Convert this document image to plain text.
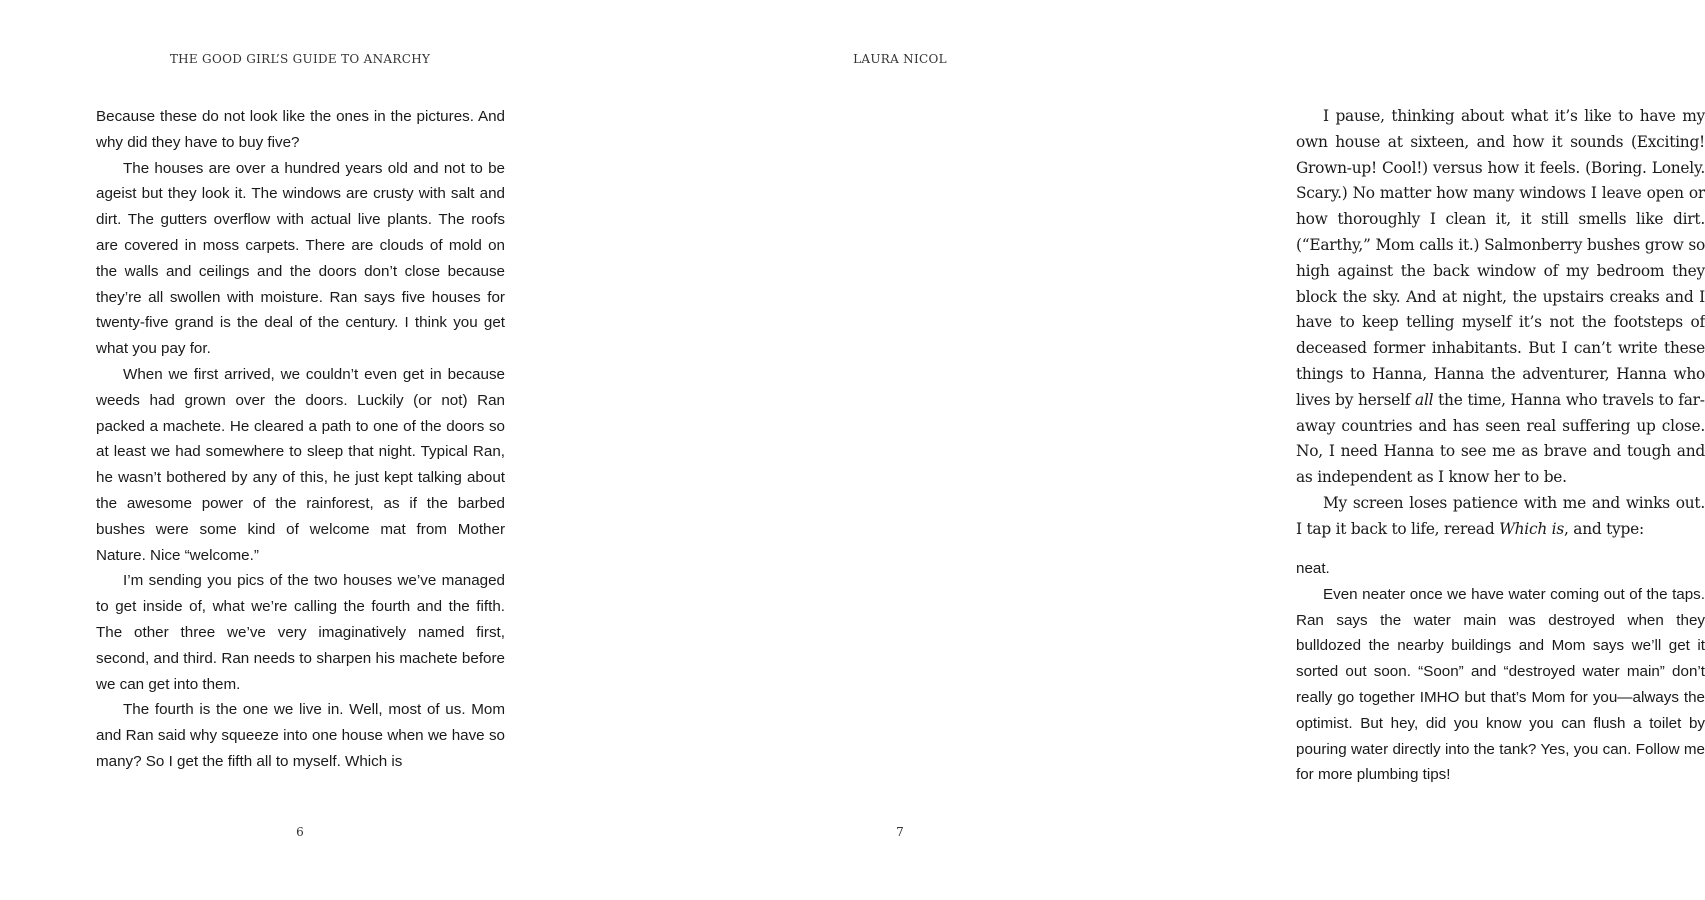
THE GOOD GIRL’S GUIDE TO ANARCHY

Because these do not look like the ones in the pictures. And why did they have to buy five?

The houses are over a hundred years old and not to be ageist but they look it. The windows are crusty with salt and dirt. The gutters overflow with actual live plants. The roofs are covered in moss carpets. There are clouds of mold on the walls and ceilings and the doors don’t close because they’re all swollen with moisture. Ran says five houses for twenty-five grand is the deal of the century. I think you get what you pay for.

When we first arrived, we couldn’t even get in because weeds had grown over the doors. Luckily (or not) Ran packed a machete. He cleared a path to one of the doors so at least we had somewhere to sleep that night. Typical Ran, he wasn’t bothered by any of this, he just kept talking about the awesome power of the rainforest, as if the barbed bushes were some kind of welcome mat from Mother Nature. Nice “welcome.”

I’m sending you pics of the two houses we’ve managed to get inside of, what we’re calling the fourth and the fifth. The other three we’ve very imaginatively named first, second, and third. Ran needs to sharpen his machete before we can get into them.

The fourth is the one we live in. Well, most of us. Mom and Ran said why squeeze into one house when we have so many? So I get the fifth all to myself. Which is

6
LAURA NICOL

I pause, thinking about what it’s like to have my own house at sixteen, and how it sounds (Exciting! Grown-up! Cool!) versus how it feels. (Boring. Lonely. Scary.) No matter how many windows I leave open or how thoroughly I clean it, it still smells like dirt. (“Earthy,” Mom calls it.) Salmonberry bushes grow so high against the back window of my bedroom they block the sky. And at night, the upstairs creaks and I have to keep telling myself it’s not the footsteps of deceased former inhabitants. But I can’t write these things to Hanna, Hanna the adventurer, Hanna who lives by herself all the time, Hanna who travels to faraway countries and has seen real suffering up close. No, I need Hanna to see me as brave and tough and as independent as I know her to be.

My screen loses patience with me and winks out. I tap it back to life, reread Which is, and type:

neat.

Even neater once we have water coming out of the taps. Ran says the water main was destroyed when they bulldozed the nearby buildings and Mom says we’ll get it sorted out soon. “Soon” and “destroyed water main” don’t really go together IMHO but that’s Mom for you—always the optimist. But hey, did you know you can flush a toilet by pouring water directly into the tank? Yes, you can. Follow me for more plumbing tips!

7
